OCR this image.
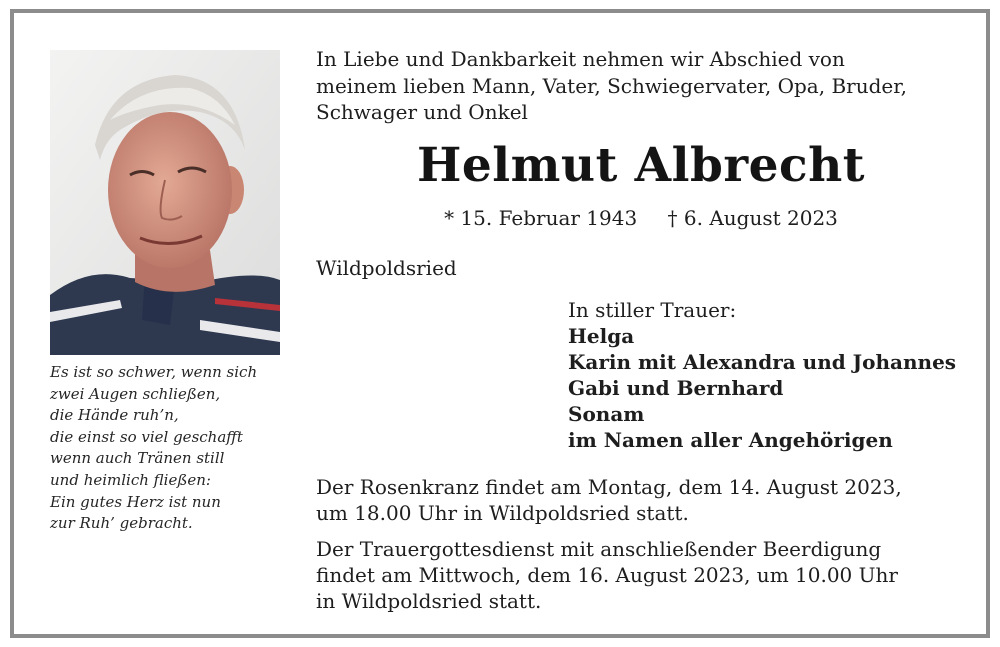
Es ist so schwer, wenn sich
zwei Augen schließen,
die Hände ruh’n,
die einst so viel geschafft
wenn auch Tränen still
und heimlich fließen:
Ein gutes Herz ist nun
zur Ruh’ gebracht.
In Liebe und Dankbarkeit nehmen wir Abschied von
meinem lieben Mann, Vater, Schwiegervater, Opa, Bruder,
Schwager und Onkel
Helmut Albrecht
* 15. Februar 1943 † 6. August 2023
Wildpoldsried
In stiller Trauer:
Helga
Karin mit Alexandra und Johannes
Gabi und Bernhard
Sonam
im Namen aller Angehörigen
Der Rosenkranz findet am Montag, dem 14. August 2023,
um 18.00 Uhr in Wildpoldsried statt.
Der Trauergottesdienst mit anschließender Beerdigung
findet am Mittwoch, dem 16. August 2023, um 10.00 Uhr
in Wildpoldsried statt.
